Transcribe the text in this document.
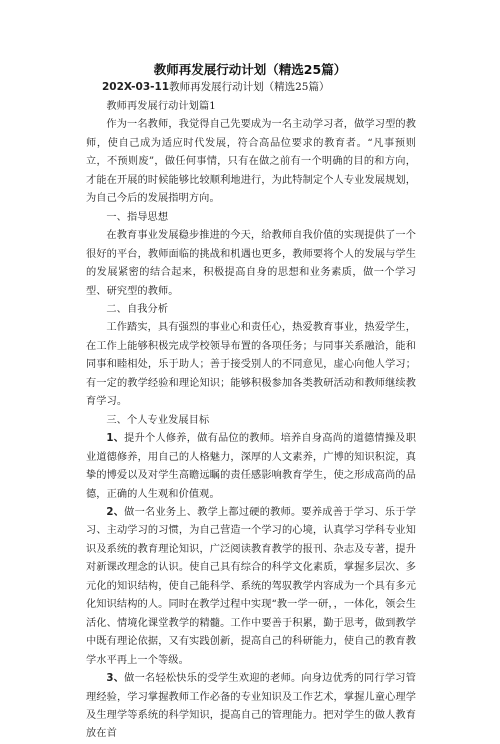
教师再发展行动计划（精选25篇）
202X-03-11教师再发展行动计划（精选25篇）

教师再发展行动计划篇1

作为一名教师，我觉得自己先要成为一名主动学习者，做学习型的教师，使自己成为适应时代发展，符合高品位要求的教育者。“凡事预则立，不预则废”，做任何事情，只有在做之前有一个明确的目的和方向，才能在开展的时候能够比较顺利地进行，为此特制定个人专业发展规划，为自己今后的发展指明方向。

一、指导思想

在教育事业发展稳步推进的今天，给教师自我价值的实现提供了一个很好的平台，教师面临的挑战和机遇也更多，教师要将个人的发展与学生的发展紧密的结合起来，积极提高自身的思想和业务素质，做一个学习型、研究型的教师。

二、自我分析

工作踏实，具有强烈的事业心和责任心，热爱教育事业，热爱学生，在工作上能够积极完成学校领导布置的各项任务；与同事关系融洽，能和同事和睦相处，乐于助人；善于接受别人的不同意见，虚心向他人学习；有一定的教学经验和理论知识；能够积极参加各类教研活动和教师继续教育学习。

三、个人专业发展目标

1、提升个人修养，做有品位的教师。培养自身高尚的道德情操及职业道德修养，用自己的人格魅力，深厚的人文素养，广博的知识积淀，真挚的博爱以及对学生高瞻远瞩的责任感影响教育学生，使之形成高尚的品德，正确的人生观和价值观。

2、做一名业务上、教学上都过硬的教师。要养成善于学习、乐于学习、主动学习的习惯，为自己营造一个学习的心境，认真学习学科专业知识及系统的教育理论知识，广泛阅读教育教学的报刊、杂志及专著，提升对新课改理念的认识。使自己具有综合的科学文化素质，掌握多层次、多元化的知识结构，使自己能科学、系统的驾驭教学内容成为一个具有多元化知识结构的人。同时在教学过程中实现“教一学一研，，一体化，领会生活化、情境化课堂教学的精髓。工作中要善于积累，勤于思考，做到教学中既有理论依据，又有实践创新，提高自己的科研能力，使自己的教育教学水平再上一个等级。

3、做一名轻松快乐的受学生欢迎的老师。向身边优秀的同行学习管理经验，学习掌握教师工作必备的专业知识及工作艺术，掌握儿童心理学及生理学等系统的科学知识，提高自己的管理能力。把对学生的做人教育放在首
